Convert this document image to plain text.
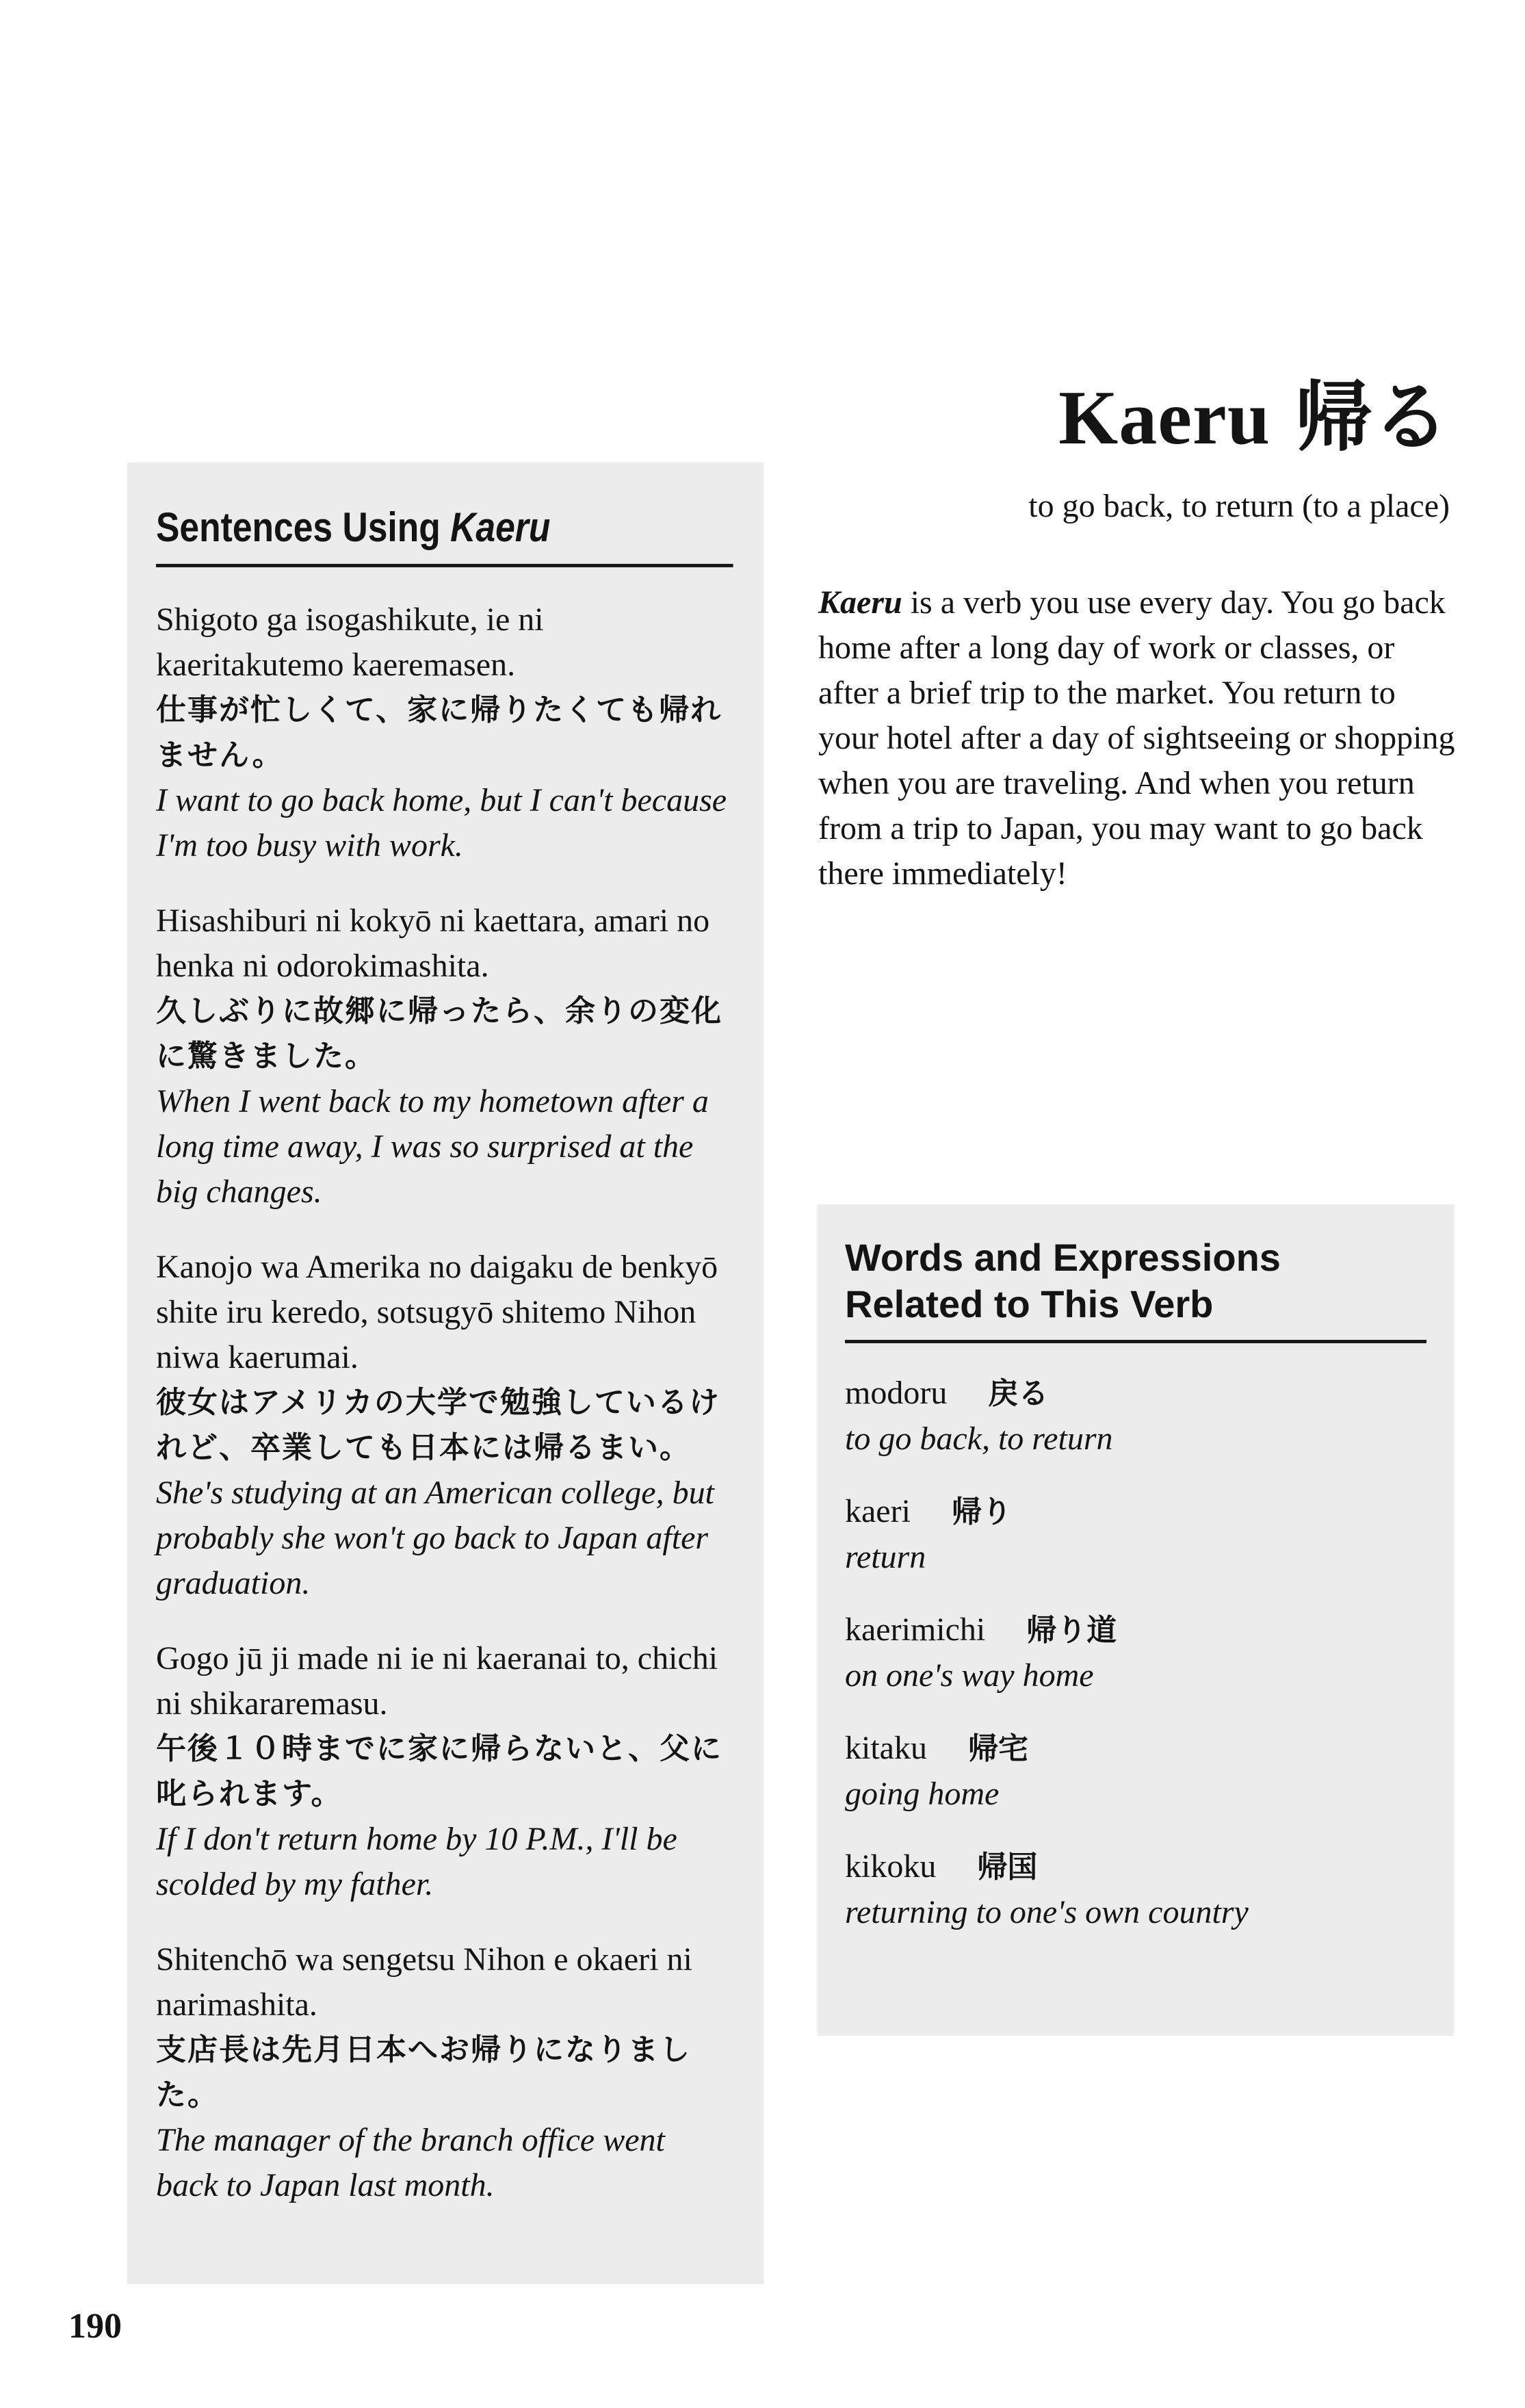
Kaeru 帰る
to go back, to return (to a place)
Sentences Using Kaeru
Shigoto ga isogashikute, ie ni kaeritakutemo kaeremasen.
仕事が忙しくて、家に帰りたくても帰れません。
I want to go back home, but I can't because I'm too busy with work.
Hisashiburi ni kokyō ni kaettara, amari no henka ni odorokimashita.
久しぶりに故郷に帰ったら、余りの変化に驚きました。
When I went back to my hometown after a long time away, I was so surprised at the big changes.
Kanojo wa Amerika no daigaku de benkyō shite iru keredo, sotsugyō shitemo Nihon niwa kaerumai.
彼女はアメリカの大学で勉強しているけれど、卒業しても日本には帰るまい。
She's studying at an American college, but probably she won't go back to Japan after graduation.
Gogo jū ji made ni ie ni kaeranai to, chichi ni shikararemasu.
午後１０時までに家に帰らないと、父に叱られます。
If I don't return home by 10 P.M., I'll be scolded by my father.
Shitenchō wa sengetsu Nihon e okaeri ni narimashita.
支店長は先月日本へお帰りになりました。
The manager of the branch office went back to Japan last month.

Kaeru is a verb you use every day. You go back home after a long day of work or classes, or after a brief trip to the market. You return to your hotel after a day of sightseeing or shopping when you are traveling. And when you return from a trip to Japan, you may want to go back there immediately!

Words and Expressions Related to This Verb
modoru 戻る
to go back, to return
kaeri 帰り
return
kaerimichi 帰り道
on one's way home
kitaku 帰宅
going home
kikoku 帰国
returning to one's own country
190
